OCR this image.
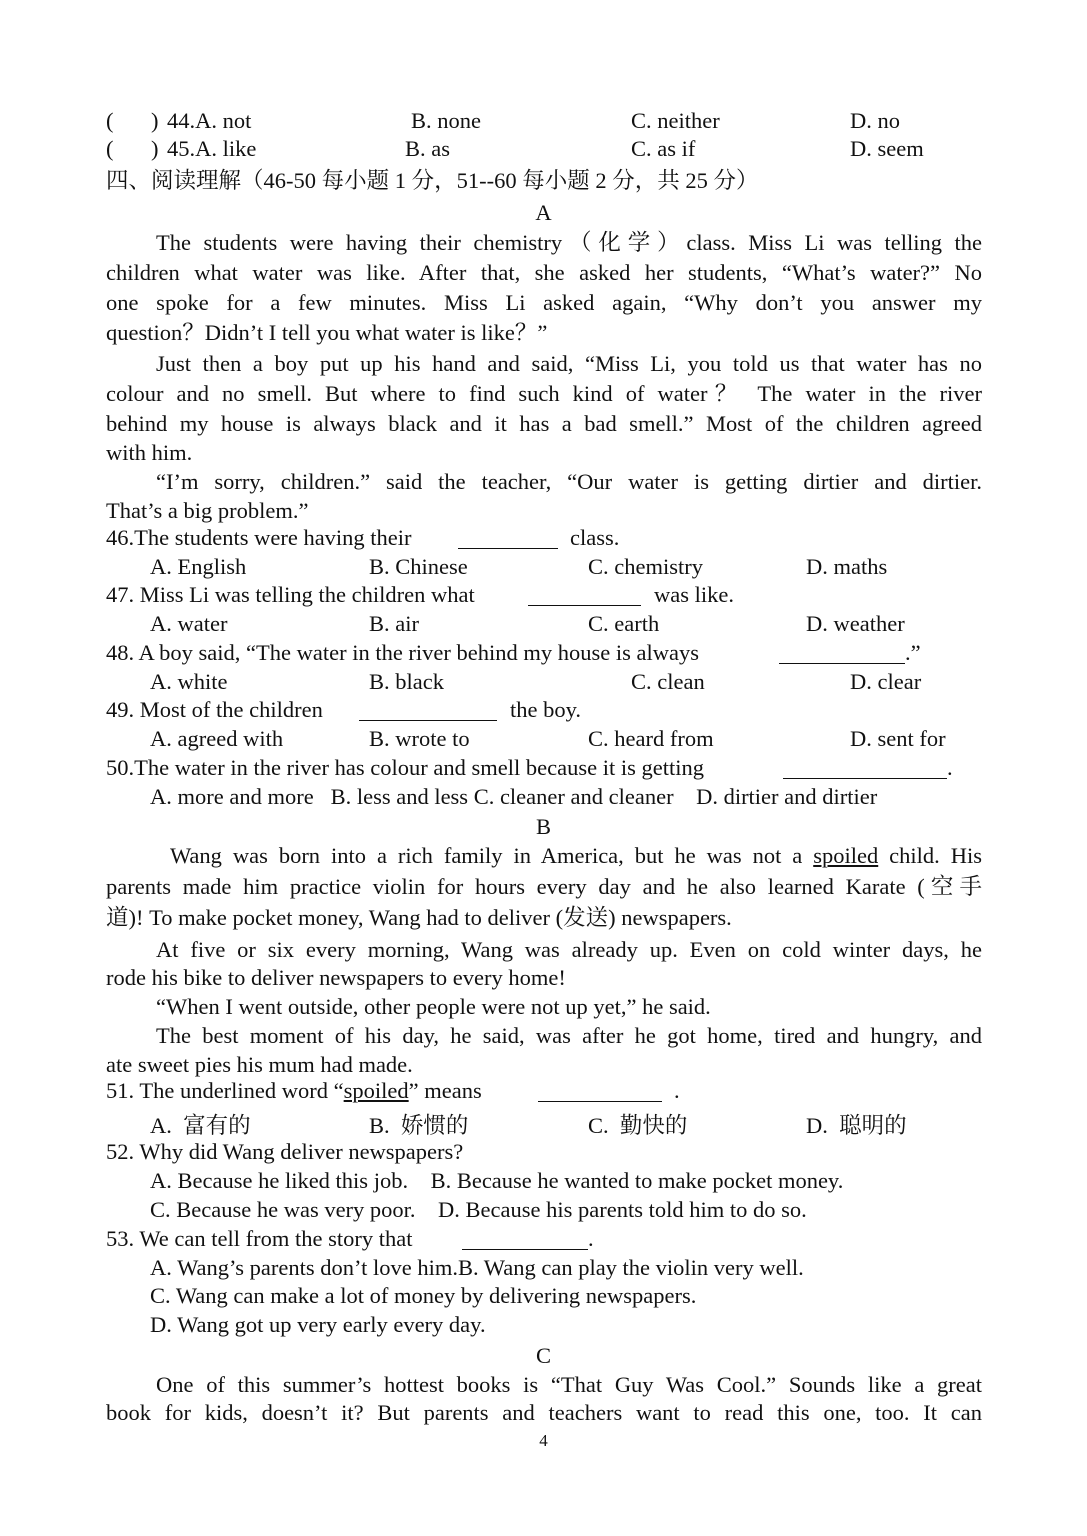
( ) 44.A. not	B. none	C. neither	D. no
( ) 45.A. like	B. as	C. as if	D. seem
四、阅读理解（46-50 每小题 1 分，51--60 每小题 2 分，共 25 分）
A
The students were having their chemistry（化学）class. Miss Li was telling the
children what water was like. After that, she asked her students, “What’s water?” No
one spoke for a few minutes. Miss Li asked again, “Why don’t you answer my
question？Didn’t I tell you what water is like？”
Just then a boy put up his hand and said, “Miss Li, you told us that water has no
colour and no smell. But where to find such kind of water？ The water in the river
behind my house is always black and it has a bad smell.” Most of the children agreed
with him.
“I’m sorry, children.” said the teacher, “Our water is getting dirtier and dirtier.
That’s a big problem.”
46.The students were having their	class.
A. English	B. Chinese	C. chemistry	D. maths
47. Miss Li was telling the children what	was like.
A. water	B. air	C. earth	D. weather
48. A boy said, “The water in the river behind my house is always	.”
A. white	B. black	C. clean	D. clear
49. Most of the children	the boy.
A. agreed with	B. wrote to	C. heard from	D. sent for
50.The water in the river has colour and smell because it is getting	.
A. more and more   B. less and less C. cleaner and cleaner    D. dirtier and dirtier
B
Wang was born into a rich family in America, but he was not a spoiled child. His
parents made him practice violin for hours every day and he also learned Karate (空手
道)! To make pocket money, Wang had to deliver (发送) newspapers.
At five or six every morning, Wang was already up. Even on cold winter days, he
rode his bike to deliver newspapers to every home!
“When I went outside, other people were not up yet,” he said.
The best moment of his day, he said, was after he got home, tired and hungry, and
ate sweet pies his mum had made.
51. The underlined word “spoiled” means	.
A.  富有的	B.  娇惯的	C.  勤快的	D.  聪明的
52. Why did Wang deliver newspapers?
A. Because he liked this job.    B. Because he wanted to make pocket money.
C. Because he was very poor.    D. Because his parents told him to do so.
53. We can tell from the story that	.
A. Wang’s parents don’t love him.B. Wang can play the violin very well.
C. Wang can make a lot of money by delivering newspapers.
D. Wang got up very early every day.
C
One of this summer’s hottest books is “That Guy Was Cool.” Sounds like a great
book for kids, doesn’t it? But parents and teachers want to read this one, too. It can
4
